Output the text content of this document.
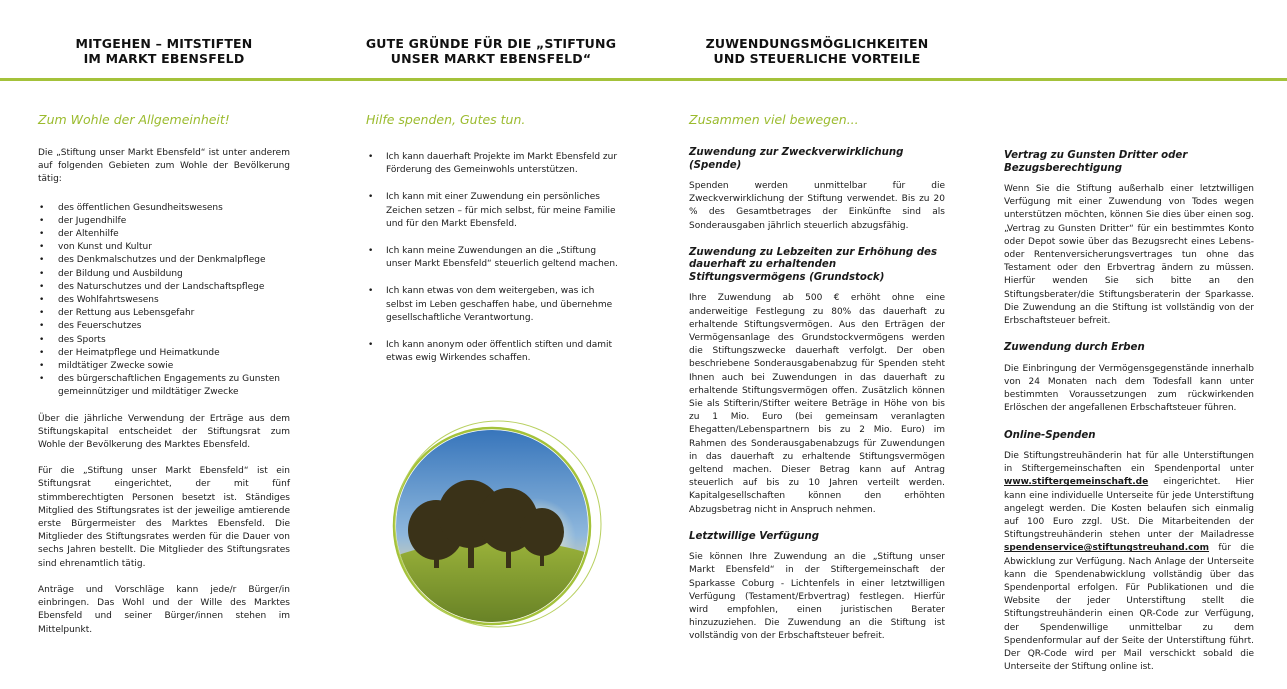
MITGEHEN – MITSTIFTEN
IM MARKT EBENSFELD
GUTE GRÜNDE FÜR DIE „STIFTUNG
UNSER MARKT EBENSFELD“
ZUWENDUNGSMÖGLICHKEITEN
UND STEUERLICHE VORTEILE
Zum Wohle der Allgemeinheit!

Die „Stiftung unser Markt Ebensfeld“ ist unter anderem auf folgenden Gebieten zum Wohle der Bevölkerung tätig:

• des öffentlichen Gesundheitswesens
• der Jugendhilfe
• der Altenhilfe
• von Kunst und Kultur
• des Denkmalschutzes und der Denkmalpflege
• der Bildung und Ausbildung
• des Naturschutzes und der Landschaftspflege
• des Wohlfahrtswesens
• der Rettung aus Lebensgefahr
• des Feuerschutzes
• des Sports
• der Heimatpflege und Heimatkunde
• mildtätiger Zwecke sowie
• des bürgerschaftlichen Engagements zu Gunsten gemeinnütziger und mildtätiger Zwecke

Über die jährliche Verwendung der Erträge aus dem Stiftungskapital entscheidet der Stiftungsrat zum Wohle der Bevölkerung des Marktes Ebensfeld.

Für die „Stiftung unser Markt Ebensfeld“ ist ein Stiftungsrat eingerichtet, der mit fünf stimmberechtigten Personen besetzt ist. Ständiges Mitglied des Stiftungsrates ist der jeweilige amtierende erste Bürgermeister des Marktes Ebensfeld. Die Mitglieder des Stiftungsrates werden für die Dauer von sechs Jahren bestellt. Die Mitglieder des Stiftungsrates sind ehrenamtlich tätig.

Anträge und Vorschläge kann jede/r Bürger/in einbringen. Das Wohl und der Wille des Marktes Ebensfeld und seiner Bürger/innen stehen im Mittelpunkt.

Hilfe spenden, Gutes tun.
• Ich kann dauerhaft Projekte im Markt Ebensfeld zur Förderung des Gemeinwohls unterstützen.
• Ich kann mit einer Zuwendung ein persönliches Zeichen setzen – für mich selbst, für meine Familie und für den Markt Ebensfeld.
• Ich kann meine Zuwendungen an die „Stiftung unser Markt Ebensfeld“ steuerlich geltend machen.
• Ich kann etwas von dem weitergeben, was ich selbst im Leben geschaffen habe, und übernehme gesellschaftliche Verantwortung.
• Ich kann anonym oder öffentlich stiften und damit etwas ewig Wirkendes schaffen.
Zusammen viel bewegen...
Zuwendung zur Zweckverwirklichung (Spende)

Spenden werden unmittelbar für die Zweckverwirklichung der Stiftung verwendet. Bis zu 20 % des Gesamtbetrages der Einkünfte sind als Sonderausgaben jährlich steuerlich abzugsfähig.

Zuwendung zu Lebzeiten zur Erhöhung des dauerhaft zu erhaltenden Stiftungsvermögens (Grundstock)

Ihre Zuwendung ab 500 € erhöht ohne eine anderweitige Festlegung zu 80% das dauerhaft zu erhaltende Stiftungsvermögen. Aus den Erträgen der Vermögensanlage des Grundstockvermögens werden die Stiftungszwecke dauerhaft verfolgt. Der oben beschriebene Sonderausgabenabzug für Spenden steht Ihnen auch bei Zuwendungen in das dauerhaft zu erhaltende Stiftungsvermögen offen. Zusätzlich können Sie als Stifterin/Stifter weitere Beträge in Höhe von bis zu 1 Mio. Euro (bei gemeinsam veranlagten Ehegatten/Lebenspartnern bis zu 2 Mio. Euro) im Rahmen des Sonderausgabenabzugs für Zuwendungen in das dauerhaft zu erhaltende Stiftungsvermögen geltend machen. Dieser Betrag kann auf Antrag steuerlich auf bis zu 10 Jahren verteilt werden. Kapitalgesellschaften können den erhöhten Abzugsbetrag nicht in Anspruch nehmen.

Letztwillige Verfügung

Sie können Ihre Zuwendung an die „Stiftung unser Markt Ebensfeld“ in der Stiftergemeinschaft der Sparkasse Coburg - Lichtenfels in einer letztwilligen Verfügung (Testament/Erbvertrag) festlegen. Hierfür wird empfohlen, einen juristischen Berater hinzuzuziehen. Die Zuwendung an die Stiftung ist vollständig von der Erbschaftsteuer befreit.

Vertrag zu Gunsten Dritter oder Bezugsberechtigung

Wenn Sie die Stiftung außerhalb einer letztwilligen Verfügung mit einer Zuwendung von Todes wegen unterstützen möchten, können Sie dies über einen sog. „Vertrag zu Gunsten Dritter“ für ein bestimmtes Konto oder Depot sowie über das Bezugsrecht eines Lebens- oder Rentenversicherungsvertrages tun ohne das Testament oder den Erbvertrag ändern zu müssen. Hierfür wenden Sie sich bitte an den Stiftungsberater/die Stiftungsberaterin der Sparkasse. Die Zuwendung an die Stiftung ist vollständig von der Erbschaftsteuer befreit.

Zuwendung durch Erben

Die Einbringung der Vermögensgegenstände innerhalb von 24 Monaten nach dem Todesfall kann unter bestimmten Voraussetzungen zum rückwirkenden Erlöschen der angefallenen Erbschaftsteuer führen.

Online-Spenden

Die Stiftungstreuhänderin hat für alle Unterstiftungen in Stiftergemeinschaften ein Spendenportal unter www.stiftergemeinschaft.de eingerichtet. Hier kann eine individuelle Unterseite für jede Unterstiftung angelegt werden. Die Kosten belaufen sich einmalig auf 100 Euro zzgl. USt. Die Mitarbeitenden der Stiftungstreuhänderin stehen unter der Mailadresse spendenservice@stiftungstreuhand.com für die Abwicklung zur Verfügung. Nach Anlage der Unterseite kann die Spendenabwicklung vollständig über das Spendenportal erfolgen. Für Publikationen und die Website der jeder Unterstiftung stellt die Stiftungstreuhänderin einen QR-Code zur Verfügung, der Spendenwillige unmittelbar zu dem Spendenformular auf der Seite der Unterstiftung führt. Der QR-Code wird per Mail verschickt sobald die Unterseite der Stiftung online ist.
